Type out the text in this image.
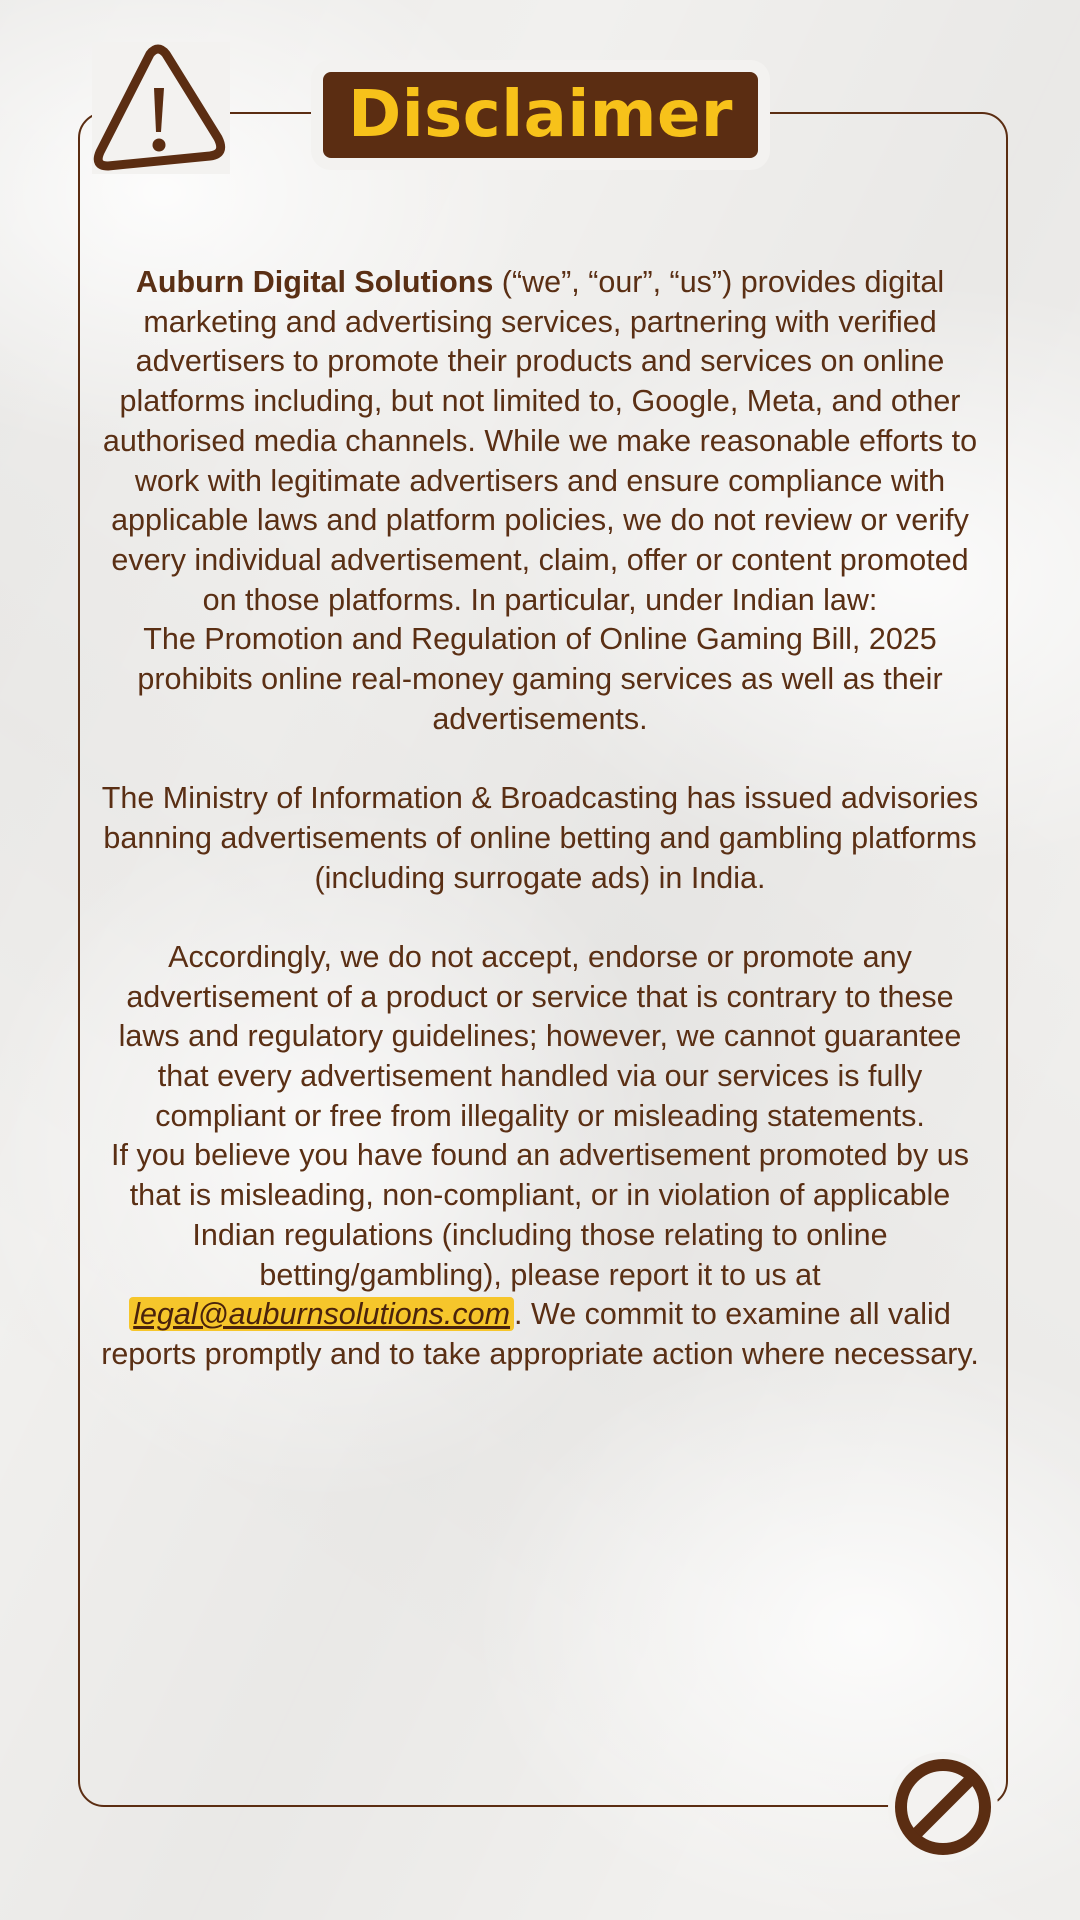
Disclaimer

Auburn Digital Solutions (“we”, “our”, “us”) provides digital marketing and advertising services, partnering with verified advertisers to promote their products and services on online platforms including, but not limited to, Google, Meta, and other authorised media channels. While we make reasonable efforts to work with legitimate advertisers and ensure compliance with applicable laws and platform policies, we do not review or verify every individual advertisement, claim, offer or content promoted on those platforms. In particular, under Indian law:

The Promotion and Regulation of Online Gaming Bill, 2025 prohibits online real-money gaming services as well as their advertisements.

The Ministry of Information & Broadcasting has issued advisories banning advertisements of online betting and gambling platforms (including surrogate ads) in India.

Accordingly, we do not accept, endorse or promote any advertisement of a product or service that is contrary to these laws and regulatory guidelines; however, we cannot guarantee that every advertisement handled via our services is fully compliant or free from illegality or misleading statements.

If you believe you have found an advertisement promoted by us that is misleading, non-compliant, or in violation of applicable Indian regulations (including those relating to online betting/gambling), please report it to us at legal@auburnsolutions.com . We commit to examine all valid reports promptly and to take appropriate action where necessary.
